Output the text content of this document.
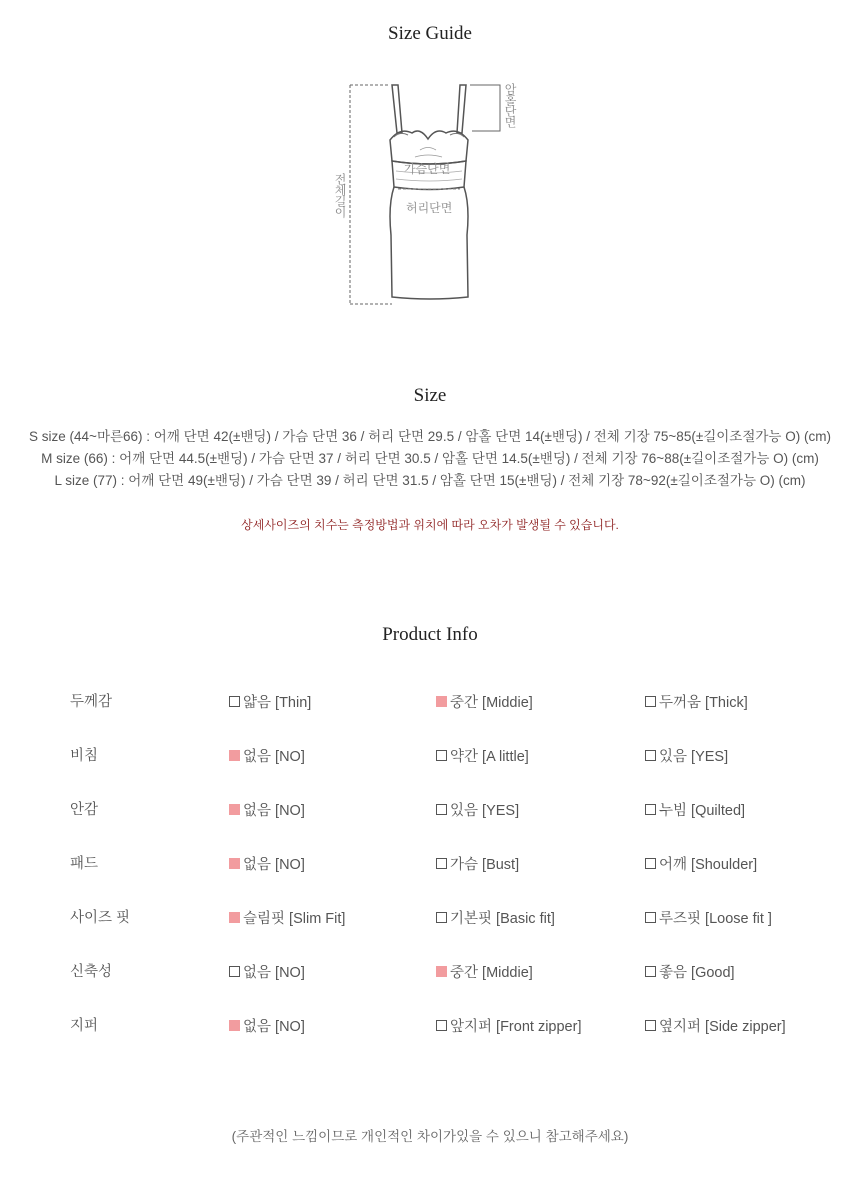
Size Guide
암홀단면
전체길이
가슴단면
허리단면
Size
S size (44~마른66) : 어깨 단면 42(±밴딩) / 가슴 단면 36 / 허리 단면 29.5 / 암홀 단면 14(±밴딩) / 전체 기장 75~85(±길이조절가능 O) (cm)
M size (66) : 어깨 단면 44.5(±밴딩) / 가슴 단면 37 / 허리 단면 30.5 / 암홀 단면 14.5(±밴딩) / 전체 기장 76~88(±길이조절가능 O) (cm)
L size (77) : 어깨 단면 49(±밴딩) / 가슴 단면 39 / 허리 단면 31.5 / 암홀 단면 15(±밴딩) / 전체 기장 78~92(±길이조절가능 O) (cm)
상세사이즈의 치수는 측정방법과 위치에 따라 오차가 발생될 수 있습니다.
Product Info
두께감	얇음 [Thin]	중간 [Middie]	두꺼움 [Thick]
비침	없음 [NO]	약간 [A little]	있음 [YES]
안감	없음 [NO]	있음 [YES]	누빔 [Quilted]
패드	없음 [NO]	가슴 [Bust]	어깨 [Shoulder]
사이즈 핏	슬림핏 [Slim Fit]	기본핏 [Basic fit]	루즈핏 [Loose fit ]
신축성	없음 [NO]	중간 [Middie]	좋음 [Good]
지퍼	없음 [NO]	앞지퍼 [Front zipper]	옆지퍼 [Side zipper]
(주관적인 느낌이므로 개인적인 차이가있을 수 있으니 참고해주세요)
